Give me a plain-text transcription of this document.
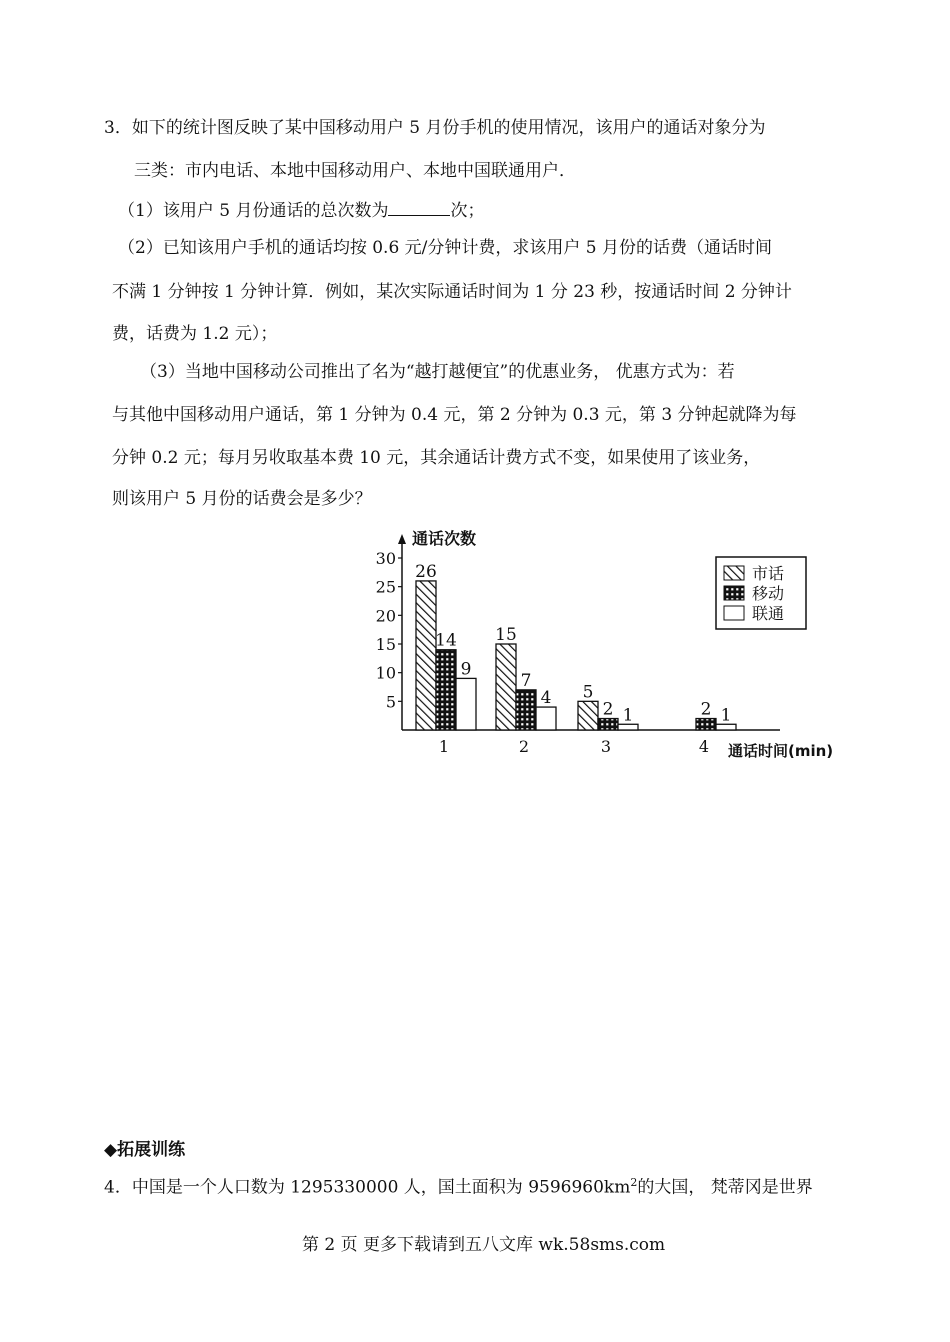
3．如下的统计图反映了某中国移动用户 5 月份手机的使用情况，该用户的通话对象分为
三类：市内电话、本地中国移动用户、本地中国联通用户．
（1）该用户 5 月份通话的总次数为	次；
（2）已知该用户手机的通话均按 0.6 元/分钟计费，求该用户 5 月份的话费（通话时间
不满 1 分钟按 1 分钟计算．例如，某次实际通话时间为 1 分 23 秒，按通话时间 2 分钟计
费，话费为 1.2 元）；
（3）当地中国移动公司推出了名为“越打越便宜”的优惠业务， 优惠方式为：若
与其他中国移动用户通话，第 1 分钟为 0.4 元，第 2 分钟为 0.3 元，第 3 分钟起就降为每
分钟 0.2 元；每月另收取基本费 10 元，其余通话计费方式不变，如果使用了该业务，
则该用户 5 月份的话费会是多少？
通话次数
通话时间(min)
5
10
15
20
25
30
26
14
9
15
7
4 5
2 1	2 1
1	2	3	4
市话
移动
联通
◆拓展训练
4．中国是一个人口数为 1295330000 人，国土面积为 $9596960km^2$的大国， 梵蒂冈是世界
第 2 页 更多下载请到五八文库 wk.58sms.com
